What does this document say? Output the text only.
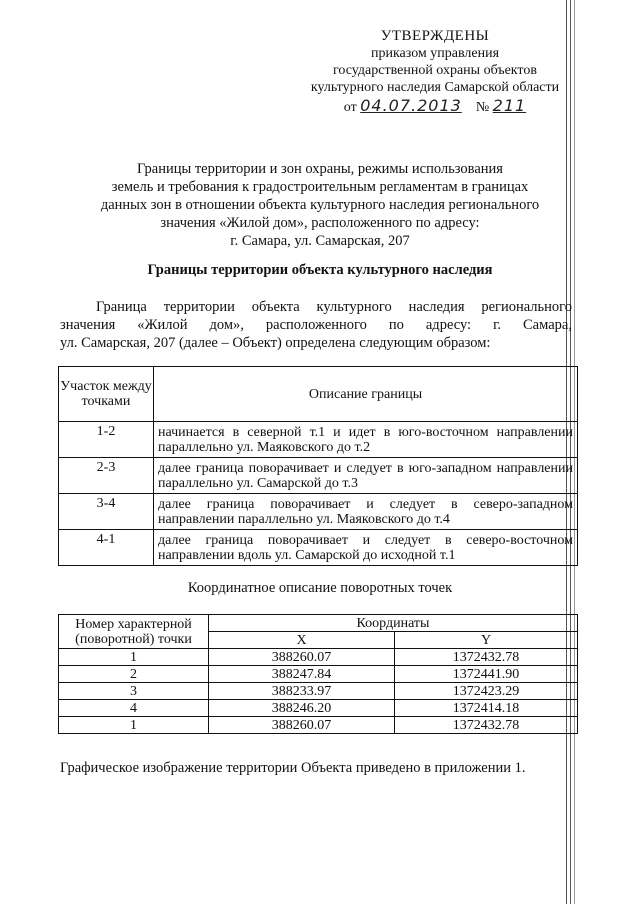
УТВЕРЖДЕНЫ
приказом управления
государственной охраны объектов
культурного наследия Самарской области
от 04.07.2013 № 211
Границы территории и зон охраны, режимы использования
земель и требования к градостроительным регламентам в границах
данных зон в отношении объекта культурного наследия регионального
значения «Жилой дом», расположенного по адресу:
г. Самара, ул. Самарская, 207
Границы территории объекта культурного наследия
Граница территории объекта культурного наследия регионального
значения «Жилой дом», расположенного по адресу: г. Самара,
ул. Самарская, 207 (далее – Объект) определена следующим образом:
Участок между точками	Описание границы
1-2	начинается в северной т.1 и идет в юго-восточном направлении параллельно ул. Маяковского до т.2
2-3	далее граница поворачивает и следует в юго-западном направлении параллельно ул. Самарской до т.3
3-4	далее граница поворачивает и следует в северо-западном направлении параллельно ул. Маяковского до т.4
4-1	далее граница поворачивает и следует в северо-восточном направлении вдоль ул. Самарской до исходной т.1
Координатное описание поворотных точек
Номер характерной (поворотной) точки	Координаты	
	X	Y
1	388260.07	1372432.78
2	388247.84	1372441.90
3	388233.97	1372423.29
4	388246.20	1372414.18
1	388260.07	1372432.78
Графическое изображение территории Объекта приведено в приложении 1.
